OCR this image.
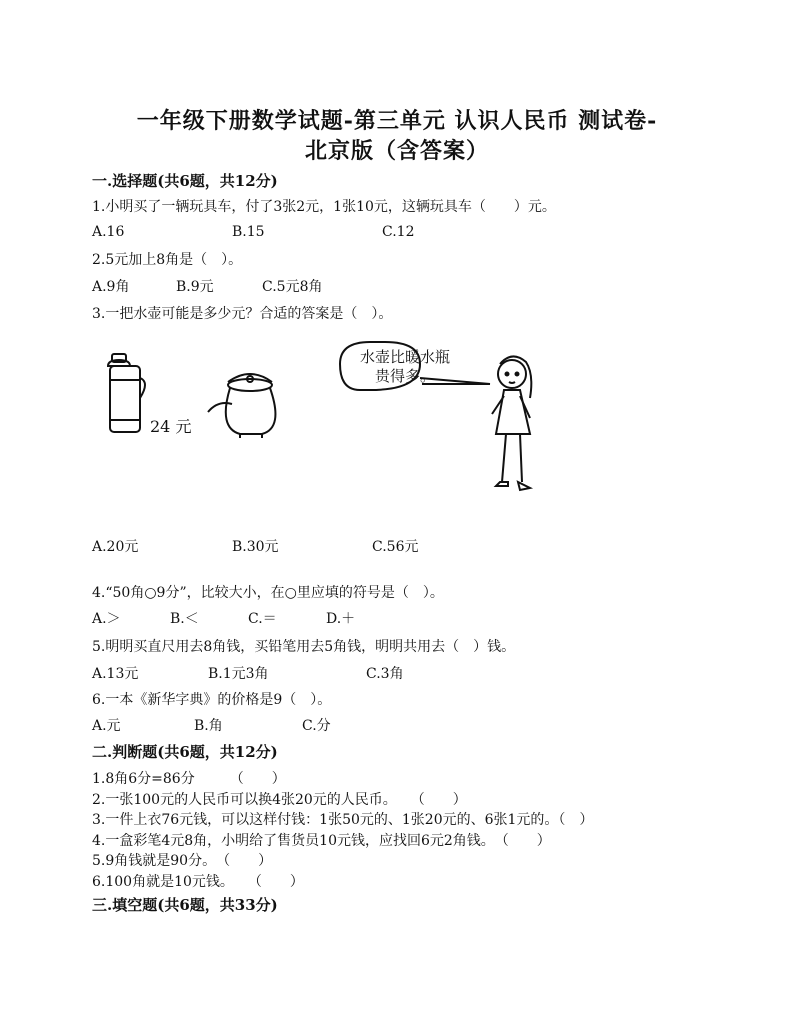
一年级下册数学试题-第三单元 认识人民币 测试卷-
北京版（含答案）
一.选择题(共6题，共12分)
1.小明买了一辆玩具车，付了3张2元，1张10元，这辆玩具车（　　）元。
A.16	B.15	C.12
2.5元加上8角是（　）。
A.9角	B.9元	C.5元8角
3.一把水壶可能是多少元？合适的答案是（　）。
24 元
水壶比暖水瓶
贵得多。
A.20元	B.30元	C.56元
4.“50角○9分”，比较大小，在○里应填的符号是（　）。
A.＞	B.＜	C.＝	D.＋
5.明明买直尺用去8角钱，买铅笔用去5角钱，明明共用去（　）钱。
A.13元	B.1元3角	C.3角
6.一本《新华字典》的价格是9（　）。
A.元	B.角	C.分
二.判断题(共6题，共12分)
1.8角6分=86分　　　（　　）
2.一张100元的人民币可以换4张20元的人民币。　　（　　）
3.一件上衣76元钱，可以这样付钱：1张50元的、1张20元的、6张1元的。（　）
4.一盒彩笔4元8角，小明给了售货员10元钱，应找回6元2角钱。　（　　）
5.9角钱就是90分。　（　　）
6.100角就是10元钱。　　（　　）
三.填空题(共6题，共33分)
